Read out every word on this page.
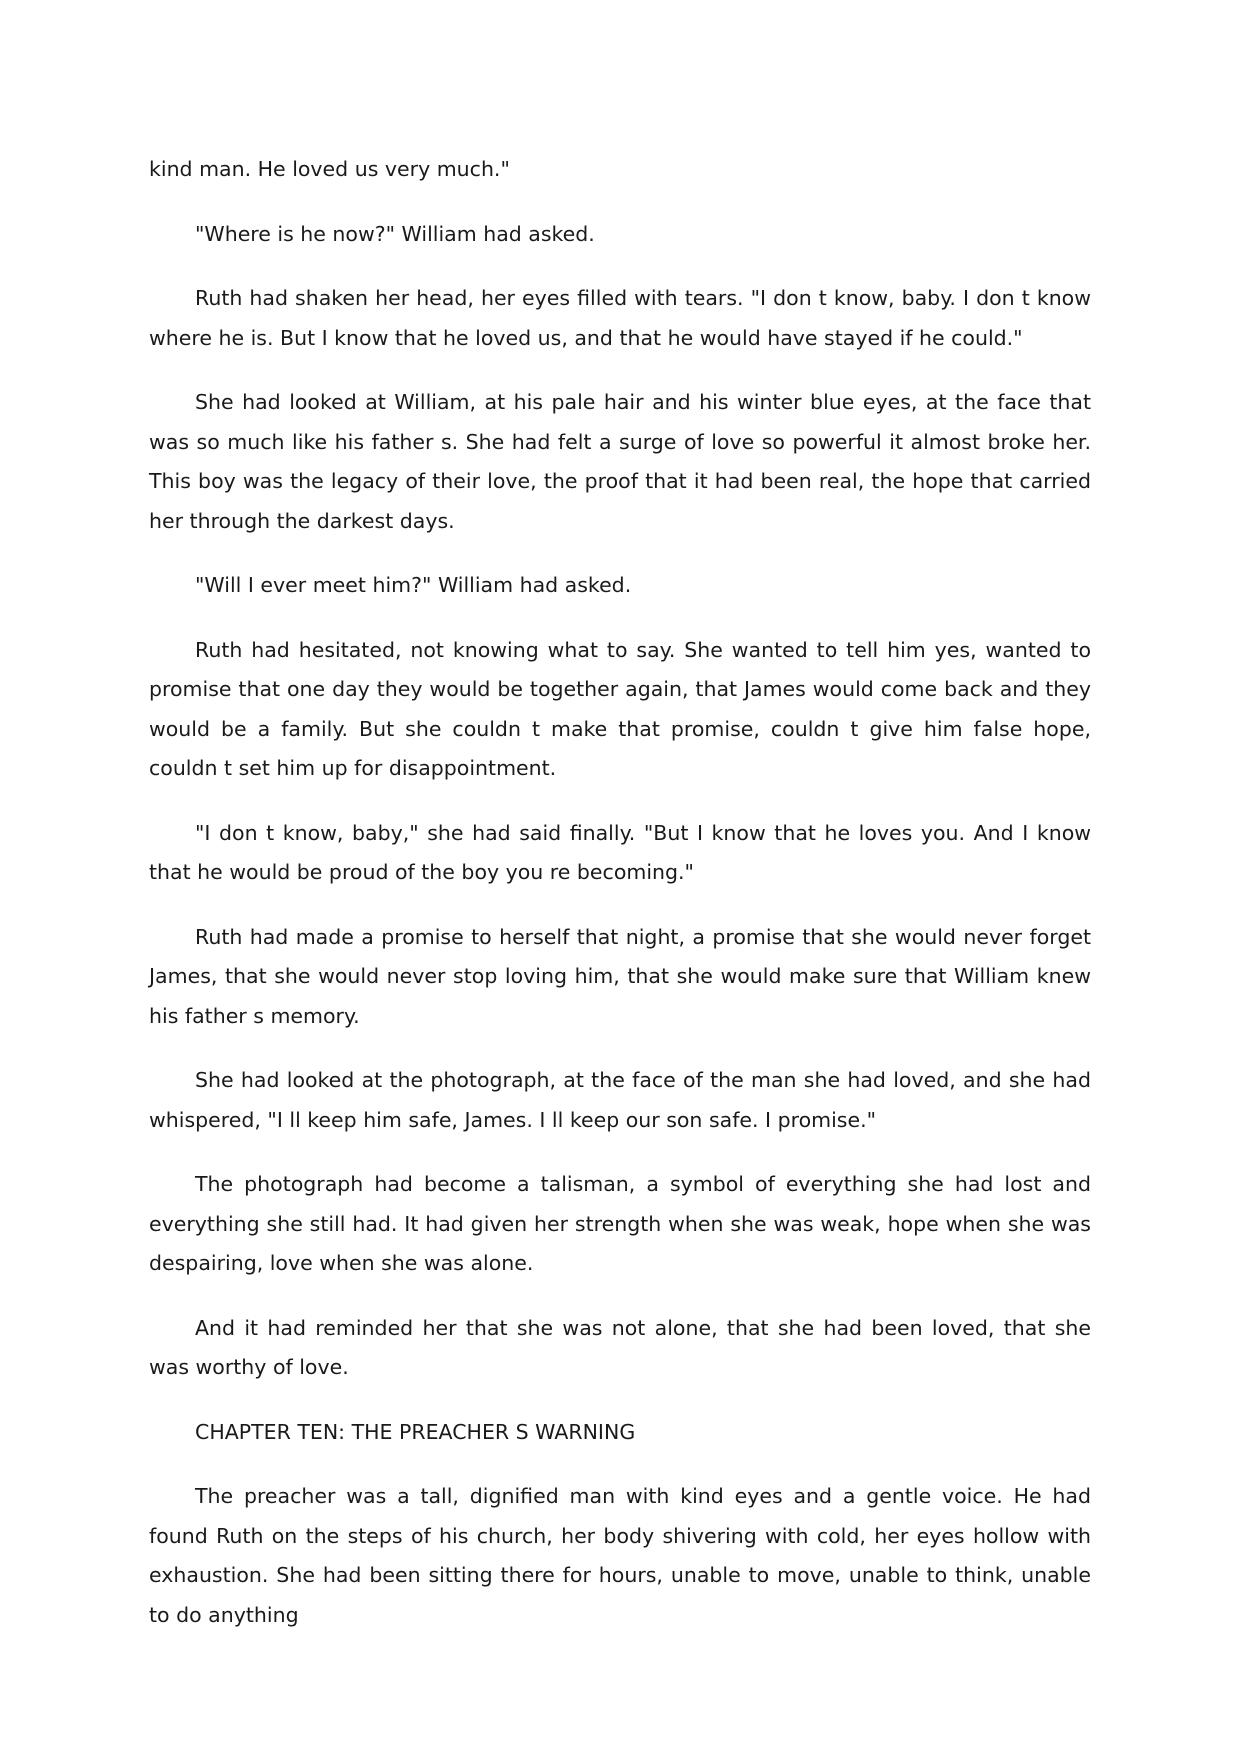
kind man. He loved us very much."

"Where is he now?" William had asked.

Ruth had shaken her head, her eyes filled with tears. "I don t know, baby. I don t know where he is. But I know that he loved us, and that he would have stayed if he could."

She had looked at William, at his pale hair and his winter blue eyes, at the face that was so much like his father s. She had felt a surge of love so powerful it almost broke her. This boy was the legacy of their love, the proof that it had been real, the hope that carried her through the darkest days.

"Will I ever meet him?" William had asked.

Ruth had hesitated, not knowing what to say. She wanted to tell him yes, wanted to promise that one day they would be together again, that James would come back and they would be a family. But she couldn t make that promise, couldn t give him false hope, couldn t set him up for disappointment.

"I don t know, baby," she had said finally. "But I know that he loves you. And I know that he would be proud of the boy you re becoming."

Ruth had made a promise to herself that night, a promise that she would never forget James, that she would never stop loving him, that she would make sure that William knew his father s memory.

She had looked at the photograph, at the face of the man she had loved, and she had whispered, "I ll keep him safe, James. I ll keep our son safe. I promise."

The photograph had become a talisman, a symbol of everything she had lost and everything she still had. It had given her strength when she was weak, hope when she was despairing, love when she was alone.

And it had reminded her that she was not alone, that she had been loved, that she was worthy of love.

CHAPTER TEN: THE PREACHER S WARNING

The preacher was a tall, dignified man with kind eyes and a gentle voice. He had found Ruth on the steps of his church, her body shivering with cold, her eyes hollow with exhaustion. She had been sitting there for hours, unable to move, unable to think, unable to do anything
